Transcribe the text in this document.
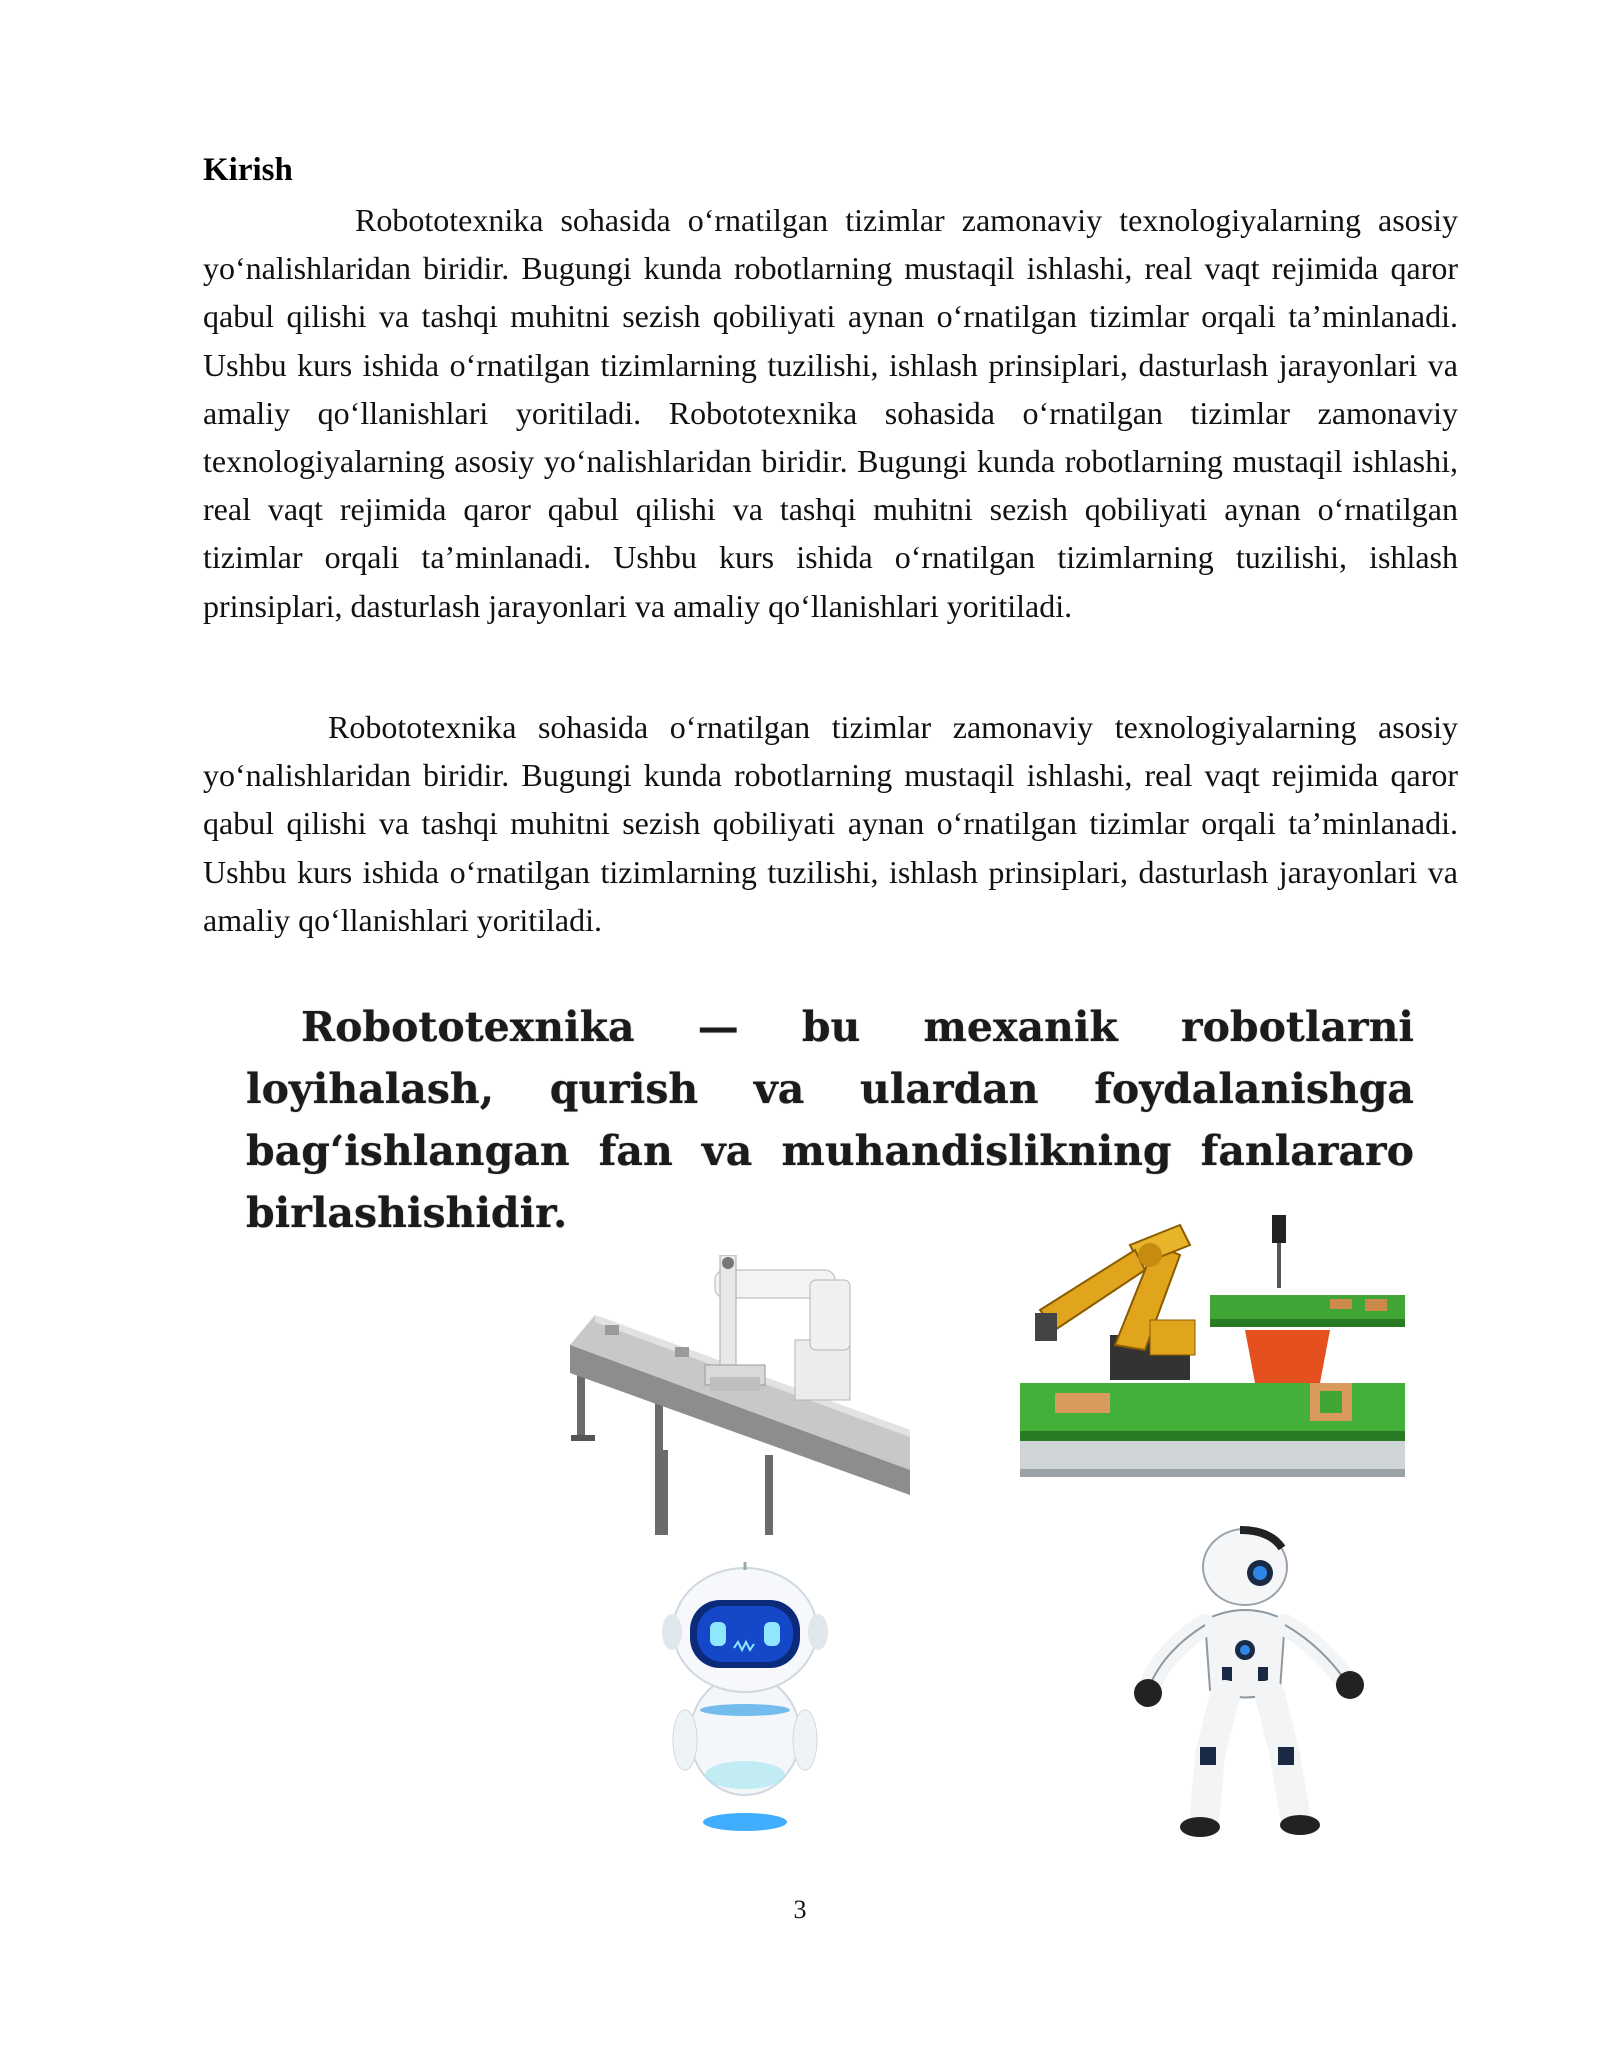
Kirish

Robototexnika sohasida o‘rnatilgan tizimlar zamonaviy texnologiyalarning asosiy yo‘nalishlaridan biridir. Bugungi kunda robotlarning mustaqil ishlashi, real vaqt rejimida qaror qabul qilishi va tashqi muhitni sezish qobiliyati aynan o‘rnatilgan tizimlar orqali ta’minlanadi. Ushbu kurs ishida o‘rnatilgan tizimlarning tuzilishi, ishlash prinsiplari, dasturlash jarayonlari va amaliy qo‘llanishlari yoritiladi. Robototexnika sohasida o‘rnatilgan tizimlar zamonaviy texnologiyalarning asosiy yo‘nalishlaridan biridir. Bugungi kunda robotlarning mustaqil ishlashi, real vaqt rejimida qaror qabul qilishi va tashqi muhitni sezish qobiliyati aynan o‘rnatilgan tizimlar orqali ta’minlanadi. Ushbu kurs ishida o‘rnatilgan tizimlarning tuzilishi, ishlash prinsiplari, dasturlash jarayonlari va amaliy qo‘llanishlari yoritiladi.

Robototexnika sohasida o‘rnatilgan tizimlar zamonaviy texnologiyalarning asosiy yo‘nalishlaridan biridir. Bugungi kunda robotlarning mustaqil ishlashi, real vaqt rejimida qaror qabul qilishi va tashqi muhitni sezish qobiliyati aynan o‘rnatilgan tizimlar orqali ta’minlanadi. Ushbu kurs ishida o‘rnatilgan tizimlarning tuzilishi, ishlash prinsiplari, dasturlash jarayonlari va amaliy qo‘llanishlari yoritiladi.

Robototexnika — bu mexanik robotlarni loyihalash, qurish va ulardan foydalanishga bag‘ishlangan fan va muhandislikning fanlararo birlashishidir.

3
